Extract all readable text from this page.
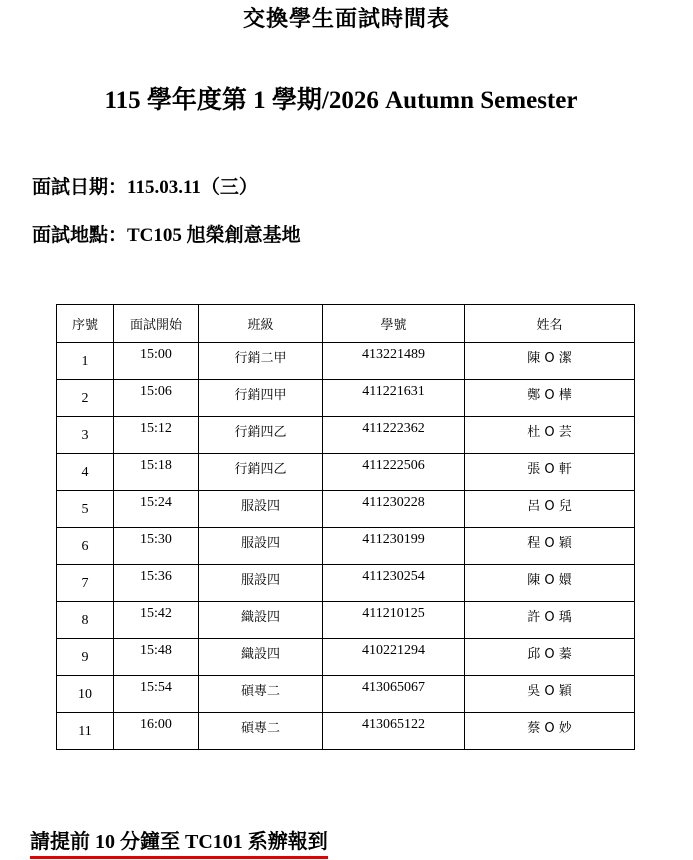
交換學生面試時間表
115 學年度第 1 學期/2026 Autumn Semester
面試日期：115.03.11（三）
面試地點：TC105 旭榮創意基地
序號	面試開始	班級	學號	姓名
1	15:00	行銷二甲	413221489	陳 O 潔
2	15:06	行銷四甲	411221631	鄭 O 樺
3	15:12	行銷四乙	411222362	杜 O 芸
4	15:18	行銷四乙	411222506	張 O 軒
5	15:24	服設四	411230228	呂 O 兒
6	15:30	服設四	411230199	程 O 穎
7	15:36	服設四	411230254	陳 O 嬛
8	15:42	織設四	411210125	許 O 瑀
9	15:48	織設四	410221294	邱 O 蓁
10	15:54	碩專二	413065067	吳 O 穎
11	16:00	碩專二	413065122	蔡 O 妙
請提前 10 分鐘至 TC101 系辦報到
